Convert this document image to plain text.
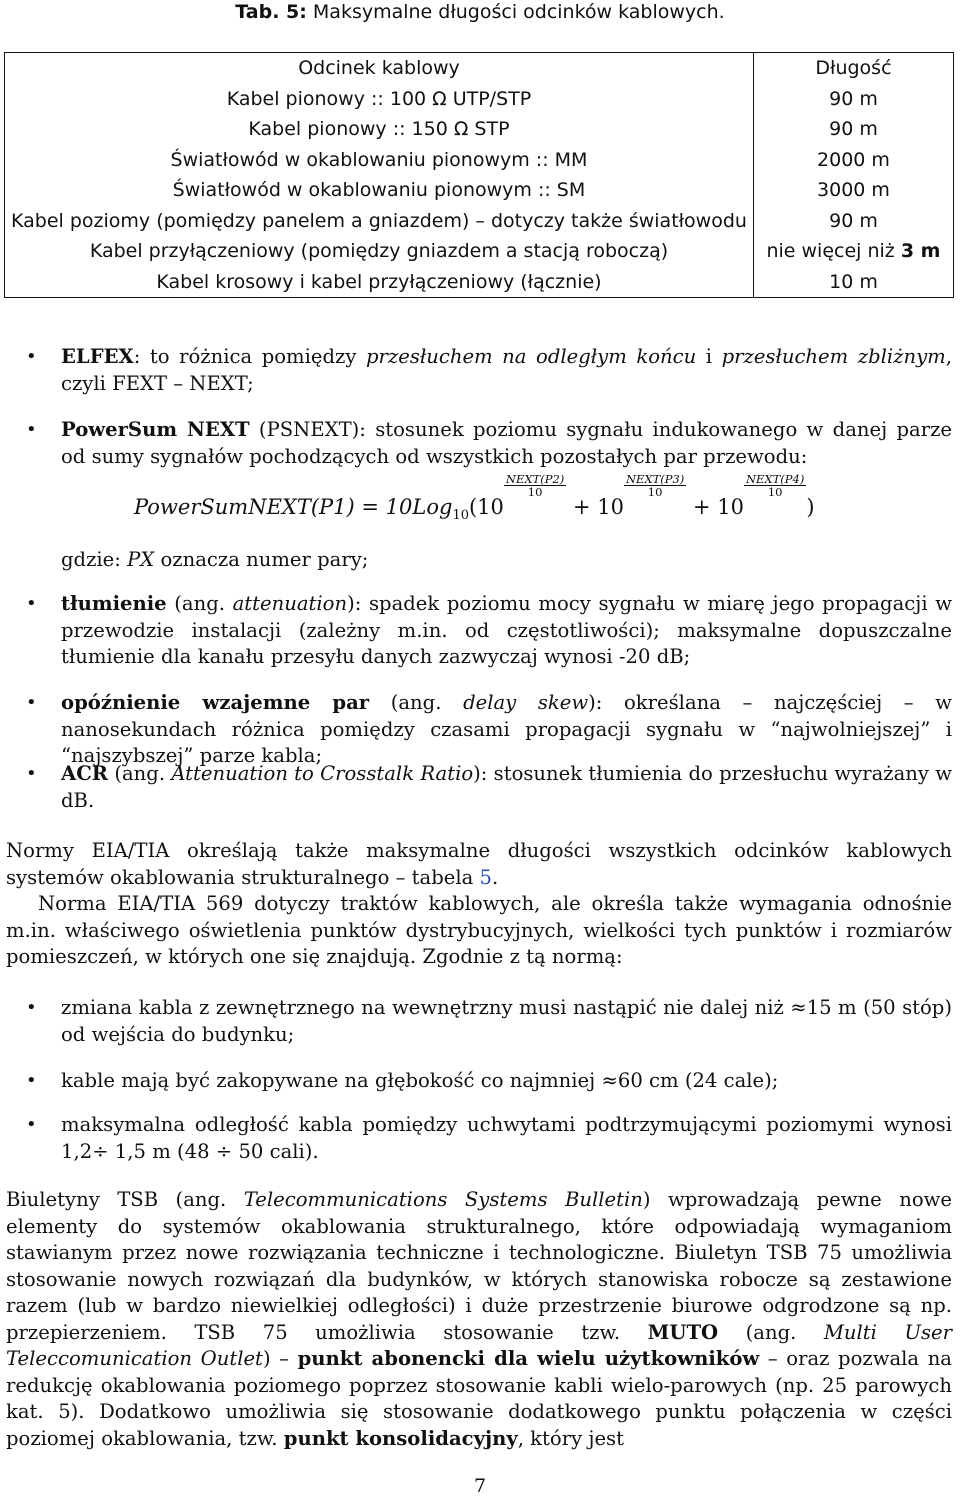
Tab. 5: Maksymalne długości odcinków kablowych.
Odcinek kablowy	Długość
Kabel pionowy :: 100 Ω UTP/STP	90 m
Kabel pionowy :: 150 Ω STP	90 m
Światłowód w okablowaniu pionowym :: MM	2000 m
Światłowód w okablowaniu pionowym :: SM	3000 m
Kabel poziomy (pomiędzy panelem a gniazdem) – dotyczy także światłowodu	90 m
Kabel przyłączeniowy (pomiędzy gniazdem a stacją roboczą)	nie więcej niż 3 m
Kabel krosowy i kabel przyłączeniowy (łącznie)	10 m
• ELFEX: to różnica pomiędzy przesłuchem na odległym końcu i przesłuchem zbliżnym, czyli FEXT – NEXT;
• PowerSum NEXT (PSNEXT): stosunek poziomu sygnału indukowanego w danej parze od sumy sygnałów pochodzących od wszystkich pozostałych par przewodu:
PowerSumNEXT(P1) = 10Log$_{10}$(10
$\frac{\text{NEXT(P2)}}{10}$
+ 10
$\frac{\text{NEXT(P3)}}{10}$
+ 10
$\frac{\text{NEXT(P4)}}{10}$
)
gdzie: PX oznacza numer pary;
• tłumienie (ang. attenuation): spadek poziomu mocy sygnału w miarę jego propagacji w przewodzie instalacji (zależny m.in. od częstotliwości); maksymalne dopuszczalne tłumienie dla kanału przesyłu danych zazwyczaj wynosi -20 dB;
• opóźnienie wzajemne par (ang. delay skew): określana – najczęściej – w nanosekundach różnica pomiędzy czasami propagacji sygnału w “najwolniejszej” i “najszybszej” parze kabla;
• ACR (ang. Attenuation to Crosstalk Ratio): stosunek tłumienia do przesłuchu wyrażany w dB.
Normy EIA/TIA określają także maksymalne długości wszystkich odcinków kablowych systemów okablowania strukturalnego – tabela 5.
Norma EIA/TIA 569 dotyczy traktów kablowych, ale określa także wymagania odnośnie m.in. właściwego oświetlenia punktów dystrybucyjnych, wielkości tych punktów i rozmiarów pomieszczeń, w których one się znajdują. Zgodnie z tą normą:
• zmiana kabla z zewnętrznego na wewnętrzny musi nastąpić nie dalej niż ≈15 m (50 stóp) od wejścia do budynku;
• kable mają być zakopywane na głębokość co najmniej ≈60 cm (24 cale);
• maksymalna odległość kabla pomiędzy uchwytami podtrzymującymi poziomymi wynosi 1,2÷ 1,5 m (48 ÷ 50 cali).
Biuletyny TSB (ang. Telecommunications Systems Bulletin) wprowadzają pewne nowe elementy do systemów okablowania strukturalnego, które odpowiadają wymaganiom stawianym przez nowe rozwiązania techniczne i technologiczne. Biuletyn TSB 75 umożliwia stosowanie nowych rozwiązań dla budynków, w których stanowiska robocze są zestawione razem (lub w bardzo niewielkiej odległości) i duże przestrzenie biurowe odgrodzone są np. przepierzeniem. TSB 75 umożliwia stosowanie tzw. MUTO (ang. Multi User Teleccomunication Outlet) – punkt abonencki dla wielu użytkowników – oraz pozwala na redukcję okablowania poziomego poprzez stosowanie kabli wielo-parowych (np. 25 parowych kat. 5). Dodatkowo umożliwia się stosowanie dodatkowego punktu połączenia w części poziomej okablowania, tzw. punkt konsolidacyjny, który jest
7
